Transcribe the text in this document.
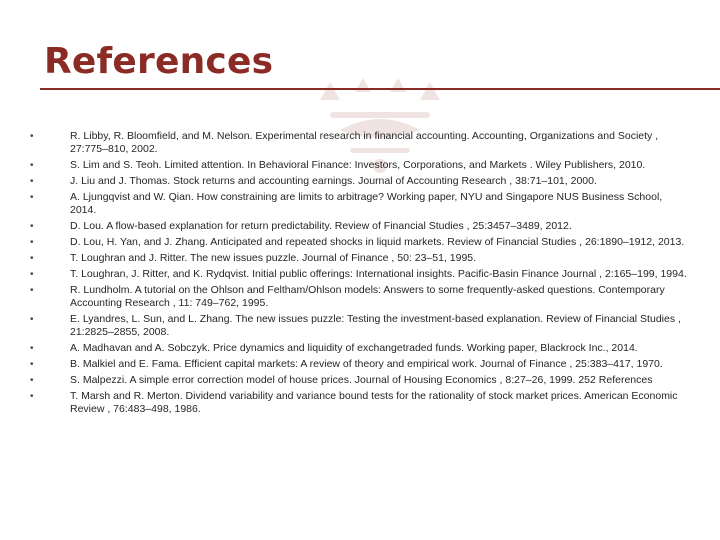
References
•	R. Libby, R. Bloomfield, and M. Nelson. Experimental research in financial accounting. Accounting, Organizations and Society , 27:775–810, 2002.
•	S. Lim and S. Teoh. Limited attention. In Behavioral Finance: Investors, Corporations, and Markets . Wiley Publishers, 2010.
•	J. Liu and J. Thomas. Stock returns and accounting earnings. Journal of Accounting Research , 38:71–101, 2000.
•	A. Ljungqvist and W. Qian. How constraining are limits to arbitrage? Working paper, NYU and Singapore NUS Business School, 2014.
•	D. Lou. A flow-based explanation for return predictability. Review of Financial Studies , 25:3457–3489, 2012.
•	D. Lou, H. Yan, and J. Zhang. Anticipated and repeated shocks in liquid markets. Review of Financial Studies , 26:1890–1912, 2013.
•	T. Loughran and J. Ritter. The new issues puzzle. Journal of Finance , 50: 23–51, 1995.
•	T. Loughran, J. Ritter, and K. Rydqvist. Initial public offerings: International insights. Pacific-Basin Finance Journal , 2:165–199, 1994.
•	R. Lundholm. A tutorial on the Ohlson and Feltham/Ohlson models: Answers to some frequently-asked questions. Contemporary Accounting Research , 11: 749–762, 1995.
•	E. Lyandres, L. Sun, and L. Zhang. The new issues puzzle: Testing the investment-based explanation. Review of Financial Studies , 21:2825–2855, 2008.
•	A. Madhavan and A. Sobczyk. Price dynamics and liquidity of exchangetraded funds. Working paper, Blackrock Inc., 2014.
•	B. Malkiel and E. Fama. Efficient capital markets: A review of theory and empirical work. Journal of Finance , 25:383–417, 1970.
•	S. Malpezzi. A simple error correction model of house prices. Journal of Housing Economics , 8:27–26, 1999. 252 References
•	T. Marsh and R. Merton. Dividend variability and variance bound tests for the rationality of stock market prices. American Economic Review , 76:483–498, 1986.
